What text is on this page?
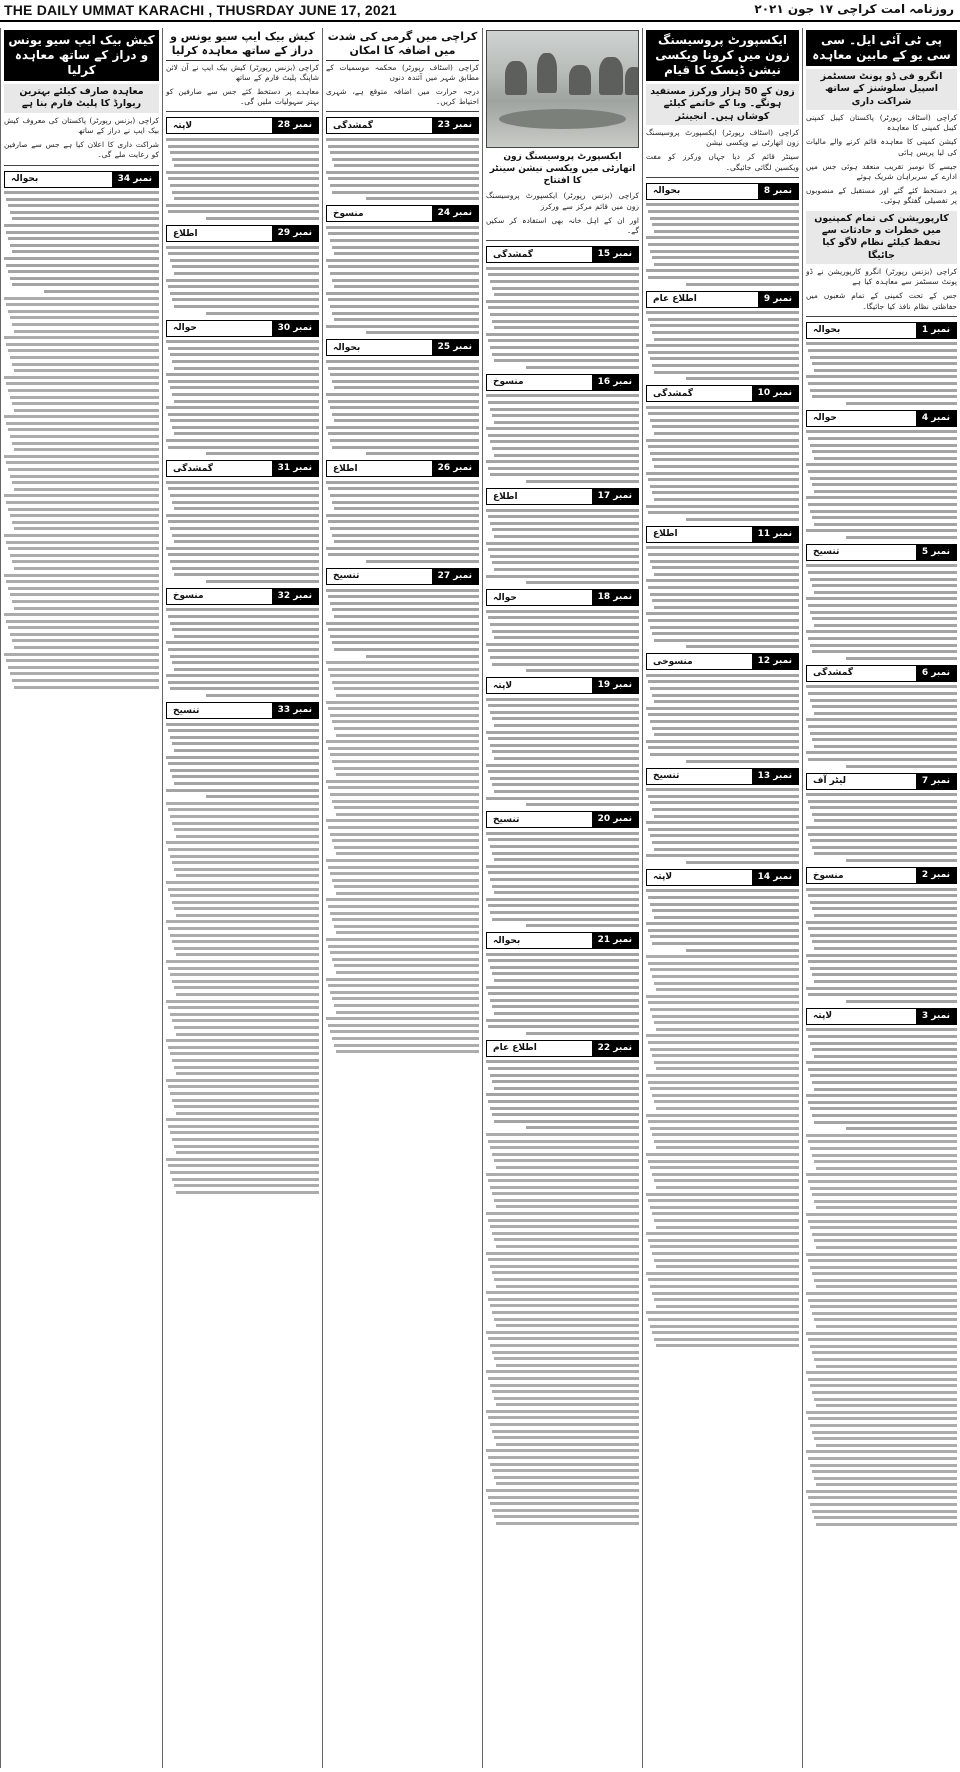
THE DAILY UMMAT KARACHI , THUSRDAY JUNE 17, 2021	روزنامہ امت کراچی ۱۷ جون ۲۰۲۱
پی ٹی آئی ایل۔ سی سی یو کے مابین معاہدہ
انگرو فی ڈو پونٹ سسٹمز اسپیل سلوشنز کے ساتھ شراکت داری

کراچی (اسٹاف رپورٹر) پاکستان کیبل کمپنی کیبل کمپنی کا معاہدہ

کیشن کمپنی کا معاہدہ قائم کرنے والے مالیات کی لیا پریس ہائی

جیسے کا نومبر تقریب منعقد ہوئی جس میں ادارے کے سربراہان شریک ہوئے

پر دستخط کئے گئے اور مستقبل کے منصوبوں پر تفصیلی گفتگو ہوئی۔

کارپوریشن کی تمام کمپنیوں میں خطرات و حادثات سے تحفظ کیلئے نظام لاگو کیا جائیگا

کراچی (بزنس رپورٹر) انگرو کارپوریشن نے ڈو پونٹ سسٹمز سے معاہدہ کیا ہے

جس کے تحت کمپنی کے تمام شعبوں میں حفاظتی نظام نافذ کیا جائیگا۔

نمبر 1
بحوالہ
نمبر 4
حوالہ
نمبر 5
تنسیخ
نمبر 6
گمشدگی
نمبر 7
لیٹر آف
نمبر 2
منسوخ
نمبر 3
لاپتہ
ایکسپورٹ پروسیسنگ زون میں کرونا ویکسی نیشن ڈیسک کا قیام
زون کے 50 ہزار ورکرز مستفید ہونگے۔ وبا کے خاتمے کیلئے کوشاں ہیں۔ انجینئر

کراچی (اسٹاف رپورٹر) ایکسپورٹ پروسیسنگ زون اتھارٹی نے ویکسی نیشن

سینٹر قائم کر دیا جہاں ورکرز کو مفت ویکسین لگائی جائیگی۔

نمبر 8
بحوالہ
نمبر 9
اطلاع عام
نمبر 10
گمشدگی
نمبر 11
اطلاع
نمبر 12
منسوخی
نمبر 13
تنسیخ
نمبر 14
لاپتہ
ایکسپورٹ پروسیسنگ زون اتھارٹی میں ویکسی نیشن سینٹر کا افتتاح

کراچی (بزنس رپورٹر) ایکسپورٹ پروسیسنگ زون میں قائم مرکز سے ورکرز

اور ان کے اہل خانہ بھی استفادہ کر سکیں گے۔

نمبر 15
گمشدگی
نمبر 16
منسوخ
نمبر 17
اطلاع
نمبر 18
حوالہ
نمبر 19
لاپتہ
نمبر 20
تنسیخ
نمبر 21
بحوالہ
نمبر 22
اطلاع عام
کراچی میں گرمی کی شدت میں اضافہ کا امکان

کراچی (اسٹاف رپورٹر) محکمہ موسمیات کے مطابق شہر میں آئندہ دنوں

درجہ حرارت میں اضافہ متوقع ہے، شہری احتیاط کریں۔

نمبر 23
گمشدگی
نمبر 24
منسوخ
نمبر 25
بحوالہ
نمبر 26
اطلاع
نمبر 27
تنسیخ
کیش بیک ایپ سیو یونس و دراز کے ساتھ معاہدہ کرلیا

کراچی (بزنس رپورٹر) کیش بیک ایپ نے آن لائن شاپنگ پلیٹ فارم کے ساتھ

معاہدے پر دستخط کئے جس سے صارفین کو بہتر سہولیات ملیں گی۔

نمبر 28
لاپتہ
نمبر 29
اطلاع
نمبر 30
حوالہ
نمبر 31
گمشدگی
نمبر 32
منسوخ
نمبر 33
تنسیخ
کیش بیک ایپ سیو یونس و دراز کے ساتھ معاہدہ کرلیا
معاہدہ صارف کیلئے بہترین ریوارڈ کا پلیٹ فارم بنا ہے

کراچی (بزنس رپورٹر) پاکستان کی معروف کیش بیک ایپ نے دراز کے ساتھ

شراکت داری کا اعلان کیا ہے جس سے صارفین کو رعایت ملے گی۔

نمبر 34
بحوالہ
